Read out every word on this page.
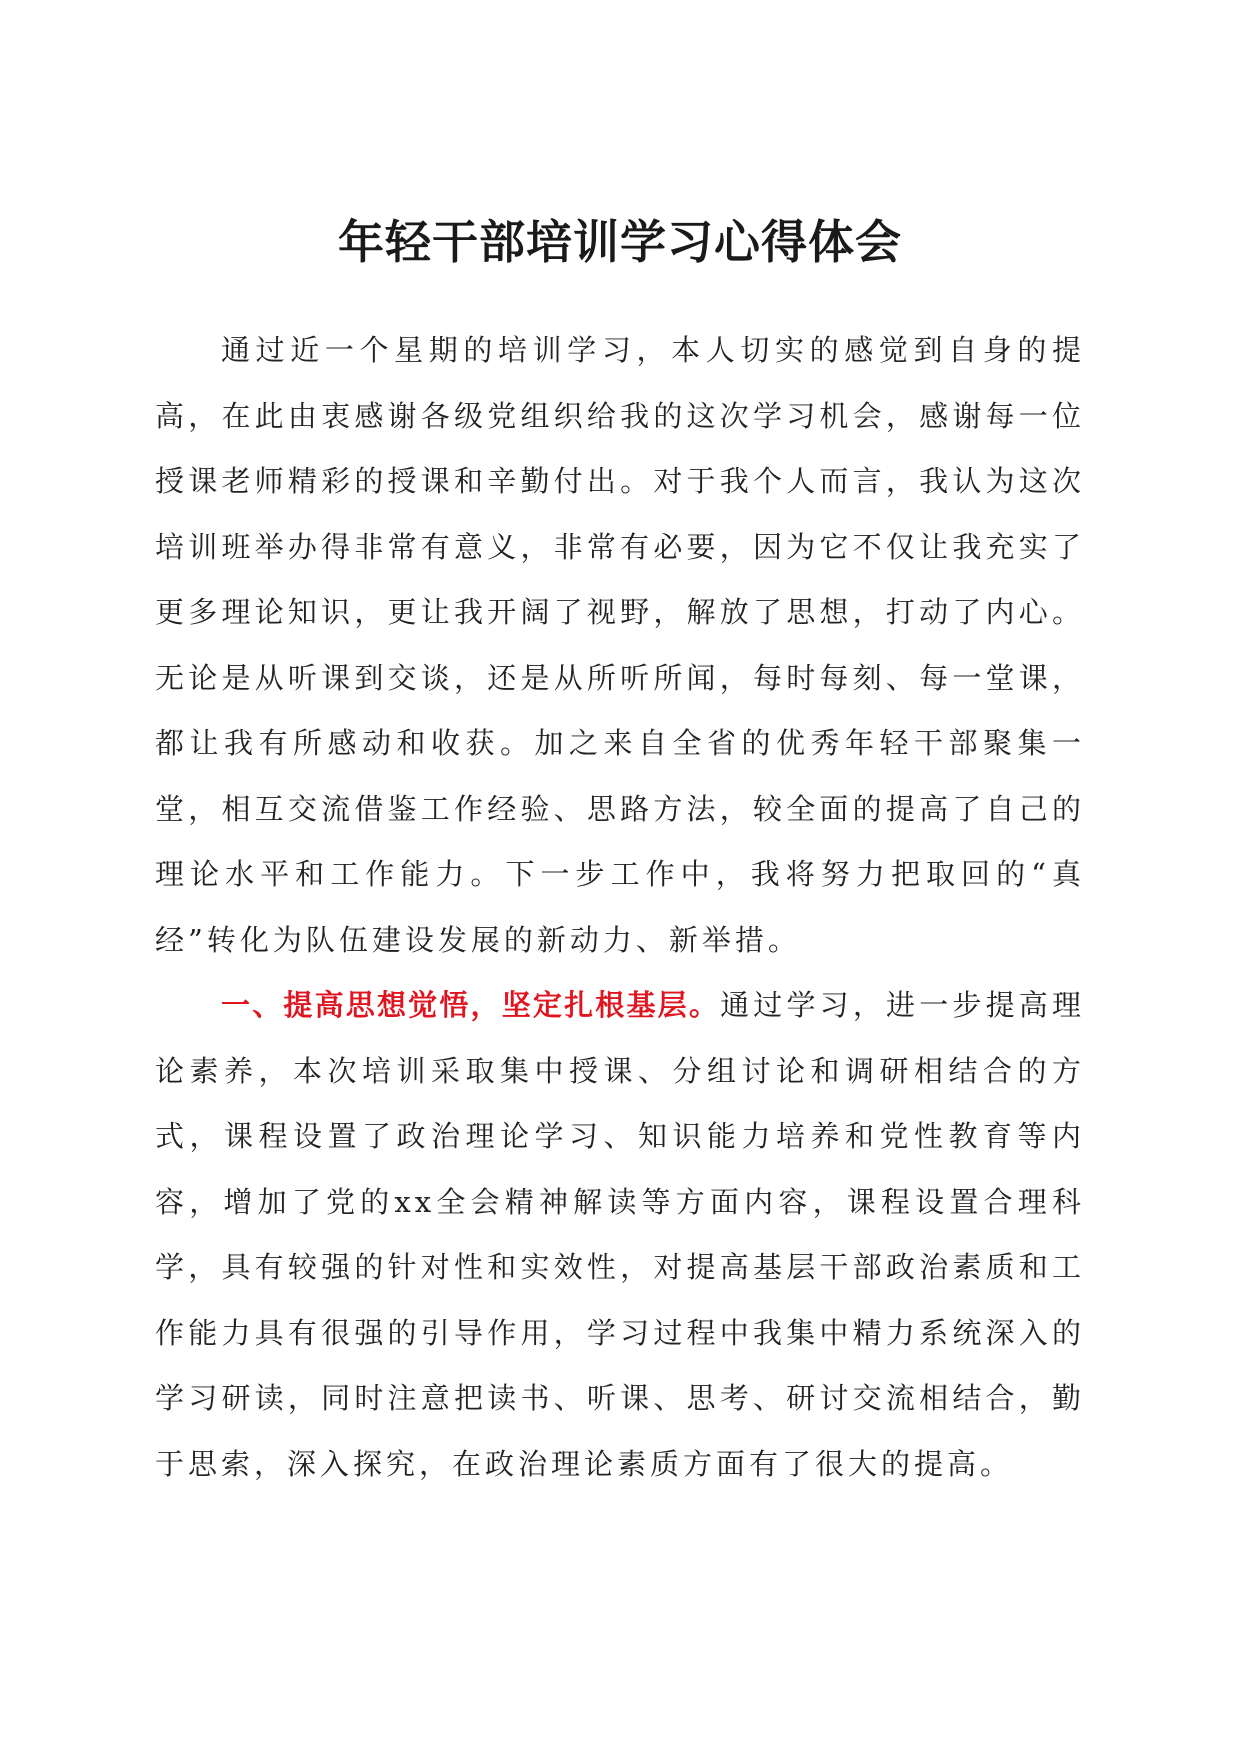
年轻干部培训学习心得体会

通过近一个星期的培训学习，本人切实的感觉到自身的提高，在此由衷感谢各级党组织给我的这次学习机会，感谢每一位授课老师精彩的授课和辛勤付出。对于我个人而言，我认为这次培训班举办得非常有意义，非常有必要，因为它不仅让我充实了更多理论知识，更让我开阔了视野，解放了思想，打动了内心。无论是从听课到交谈，还是从所听所闻，每时每刻、每一堂课，都让我有所感动和收获。加之来自全省的优秀年轻干部聚集一堂，相互交流借鉴工作经验、思路方法，较全面的提高了自己的理论水平和工作能力。下一步工作中，我将努力把取回的“真经”转化为队伍建设发展的新动力、新举措。

一、提高思想觉悟，坚定扎根基层。通过学习，进一步提高理论素养，本次培训采取集中授课、分组讨论和调研相结合的方式，课程设置了政治理论学习、知识能力培养和党性教育等内容，增加了党的xx全会精神解读等方面内容，课程设置合理科学，具有较强的针对性和实效性，对提高基层干部政治素质和工作能力具有很强的引导作用，学习过程中我集中精力系统深入的学习研读，同时注意把读书、听课、思考、研讨交流相结合，勤于思索，深入探究，在政治理论素质方面有了很大的提高。
